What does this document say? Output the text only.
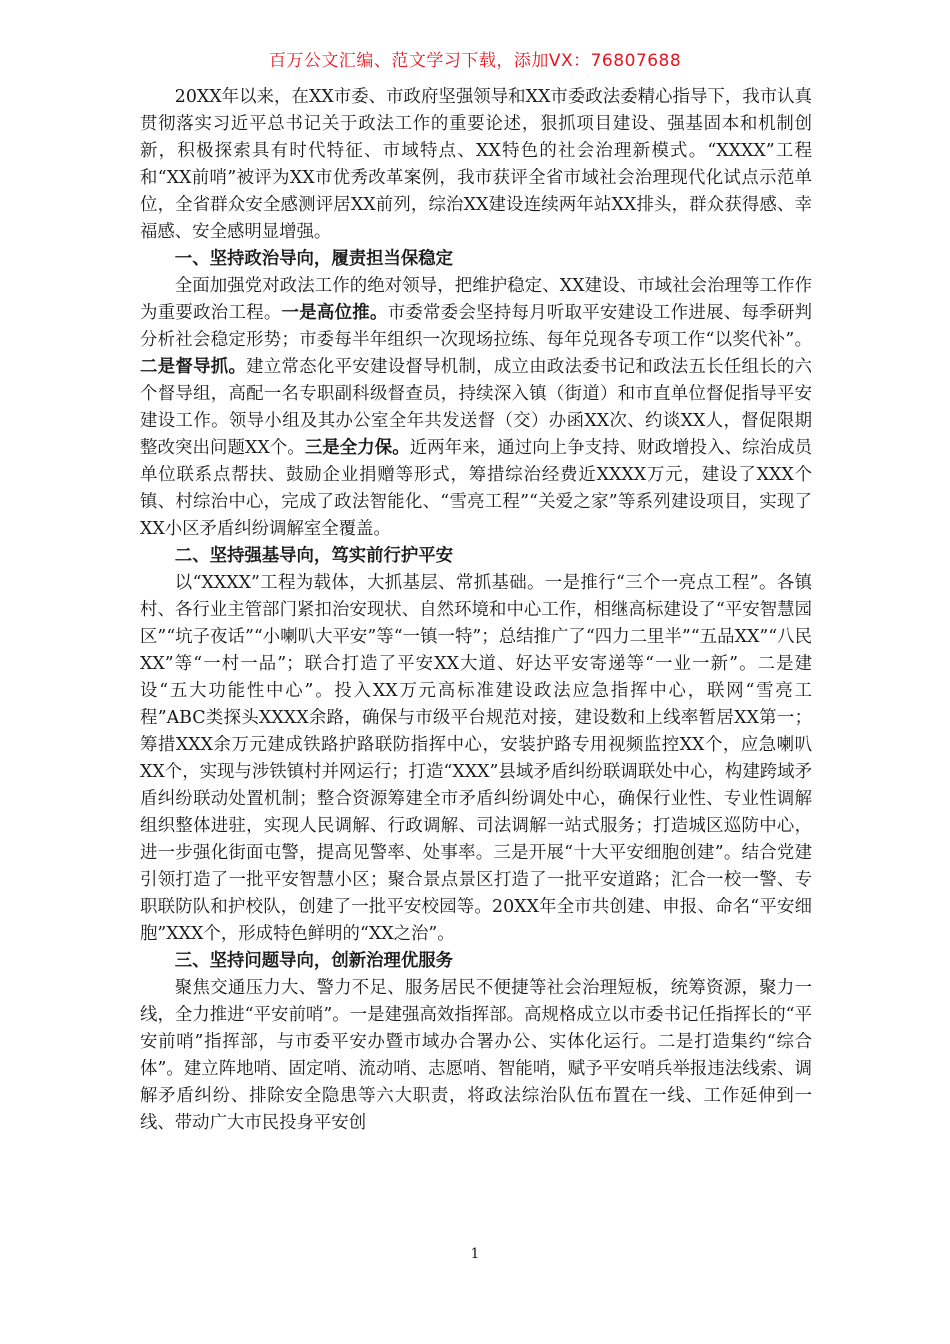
百万公文汇编、范文学习下载，添加VX：76807688

20XX年以来，在XX市委、市政府坚强领导和XX市委政法委精心指导下，我市认真贯彻落实习近平总书记关于政法工作的重要论述，狠抓项目建设、强基固本和机制创新，积极探索具有时代特征、市域特点、XX特色的社会治理新模式。“XXXX”工程和“XX前哨”被评为XX市优秀改革案例，我市获评全省市域社会治理现代化试点示范单位，全省群众安全感测评居XX前列，综治XX建设连续两年站XX排头，群众获得感、幸福感、安全感明显增强。

一、坚持政治导向，履责担当保稳定

全面加强党对政法工作的绝对领导，把维护稳定、XX建设、市域社会治理等工作作为重要政治工程。一是高位推。市委常委会坚持每月听取平安建设工作进展、每季研判分析社会稳定形势；市委每半年组织一次现场拉练、每年兑现各专项工作“以奖代补”。二是督导抓。建立常态化平安建设督导机制，成立由政法委书记和政法五长任组长的六个督导组，高配一名专职副科级督查员，持续深入镇（街道）和市直单位督促指导平安建设工作。领导小组及其办公室全年共发送督（交）办函XX次、约谈XX人，督促限期整改突出问题XX个。三是全力保。近两年来，通过向上争支持、财政增投入、综治成员单位联系点帮扶、鼓励企业捐赠等形式，筹措综治经费近XXXX万元，建设了XXX个镇、村综治中心，完成了政法智能化、“雪亮工程”“关爱之家”等系列建设项目，实现了XX小区矛盾纠纷调解室全覆盖。

二、坚持强基导向，笃实前行护平安

以“XXXX”工程为载体，大抓基层、常抓基础。一是推行“三个一亮点工程”。各镇村、各行业主管部门紧扣治安现状、自然环境和中心工作，相继高标建设了“平安智慧园区”“坑子夜话”“小喇叭大平安”等“一镇一特”；总结推广了“四力二里半”“五品XX”“八民XX”等“一村一品”；联合打造了平安XX大道、好达平安寄递等“一业一新”。二是建设“五大功能性中心”。投入XX万元高标准建设政法应急指挥中心，联网“雪亮工程”ABC类探头XXXX余路，确保与市级平台规范对接，建设数和上线率暂居XX第一；筹措XXX余万元建成铁路护路联防指挥中心，安装护路专用视频监控XX个，应急喇叭XX个，实现与涉铁镇村并网运行；打造“XXX”县域矛盾纠纷联调联处中心，构建跨域矛盾纠纷联动处置机制；整合资源筹建全市矛盾纠纷调处中心，确保行业性、专业性调解组织整体进驻，实现人民调解、行政调解、司法调解一站式服务；打造城区巡防中心，进一步强化街面屯警，提高见警率、处事率。三是开展“十大平安细胞创建”。结合党建引领打造了一批平安智慧小区；聚合景点景区打造了一批平安道路；汇合一校一警、专职联防队和护校队，创建了一批平安校园等。20XX年全市共创建、申报、命名“平安细胞”XXX个，形成特色鲜明的“XX之治”。

三、坚持问题导向，创新治理优服务

聚焦交通压力大、警力不足、服务居民不便捷等社会治理短板，统筹资源，聚力一线，全力推进“平安前哨”。一是建强高效指挥部。高规格成立以市委书记任指挥长的“平安前哨”指挥部，与市委平安办暨市域办合署办公、实体化运行。二是打造集约“综合体”。建立阵地哨、固定哨、流动哨、志愿哨、智能哨，赋予平安哨兵举报违法线索、调解矛盾纠纷、排除安全隐患等六大职责，将政法综治队伍布置在一线、工作延伸到一线、带动广大市民投身平安创

1
